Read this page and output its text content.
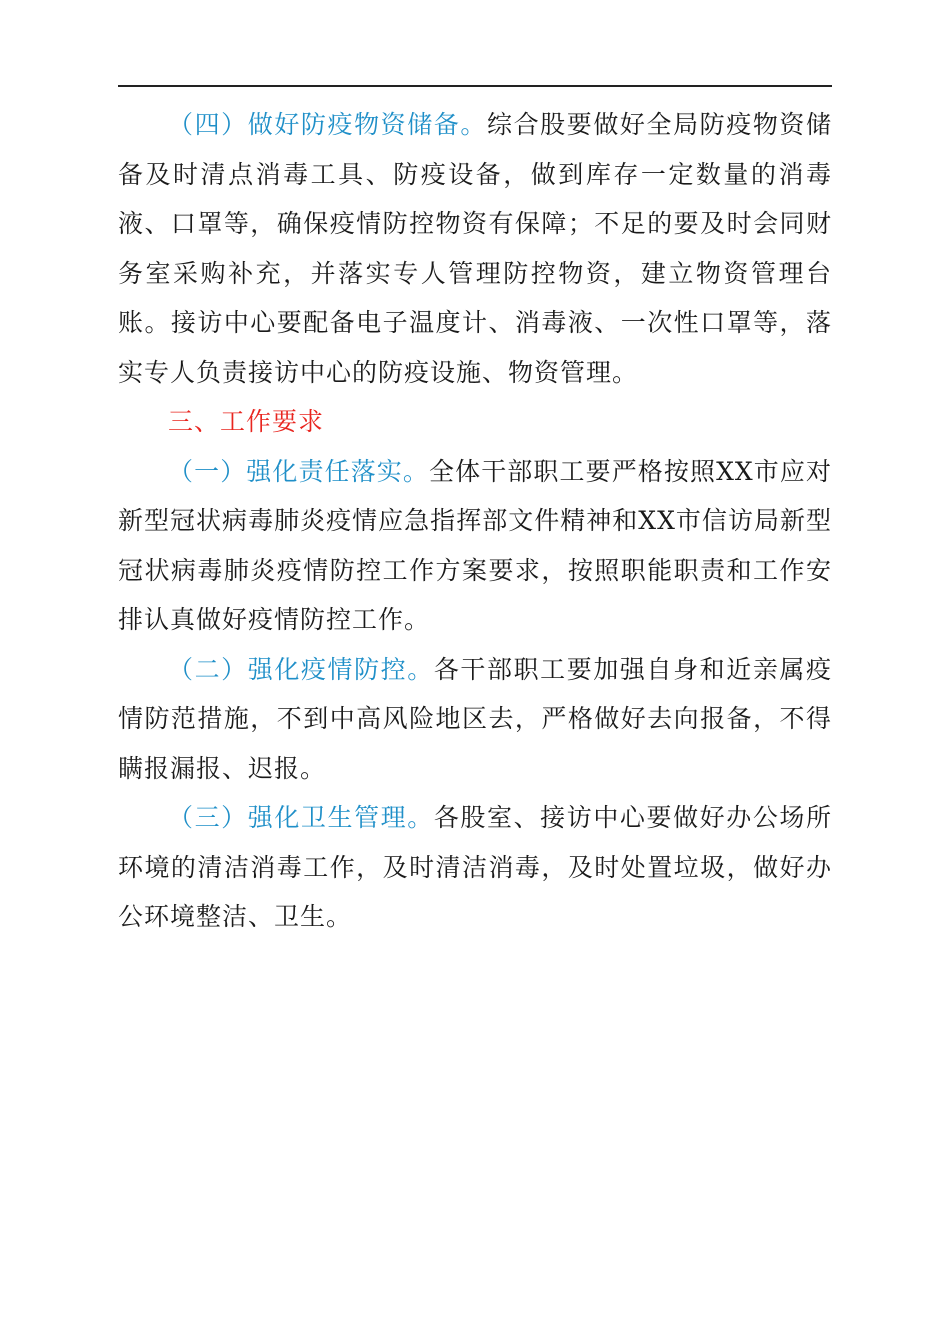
（四）做好防疫物资储备。综合股要做好全局防疫物资储备及时清点消毒工具、防疫设备，做到库存一定数量的消毒液、口罩等，确保疫情防控物资有保障；不足的要及时会同财务室采购补充，并落实专人管理防控物资，建立物资管理台账。接访中心要配备电子温度计、消毒液、一次性口罩等，落实专人负责接访中心的防疫设施、物资管理。

三、工作要求

（一）强化责任落实。全体干部职工要严格按照XX市应对新型冠状病毒肺炎疫情应急指挥部文件精神和XX市信访局新型冠状病毒肺炎疫情防控工作方案要求，按照职能职责和工作安排认真做好疫情防控工作。

（二）强化疫情防控。各干部职工要加强自身和近亲属疫情防范措施，不到中高风险地区去，严格做好去向报备，不得瞒报漏报、迟报。

（三）强化卫生管理。各股室、接访中心要做好办公场所环境的清洁消毒工作，及时清洁消毒，及时处置垃圾，做好办公环境整洁、卫生。
